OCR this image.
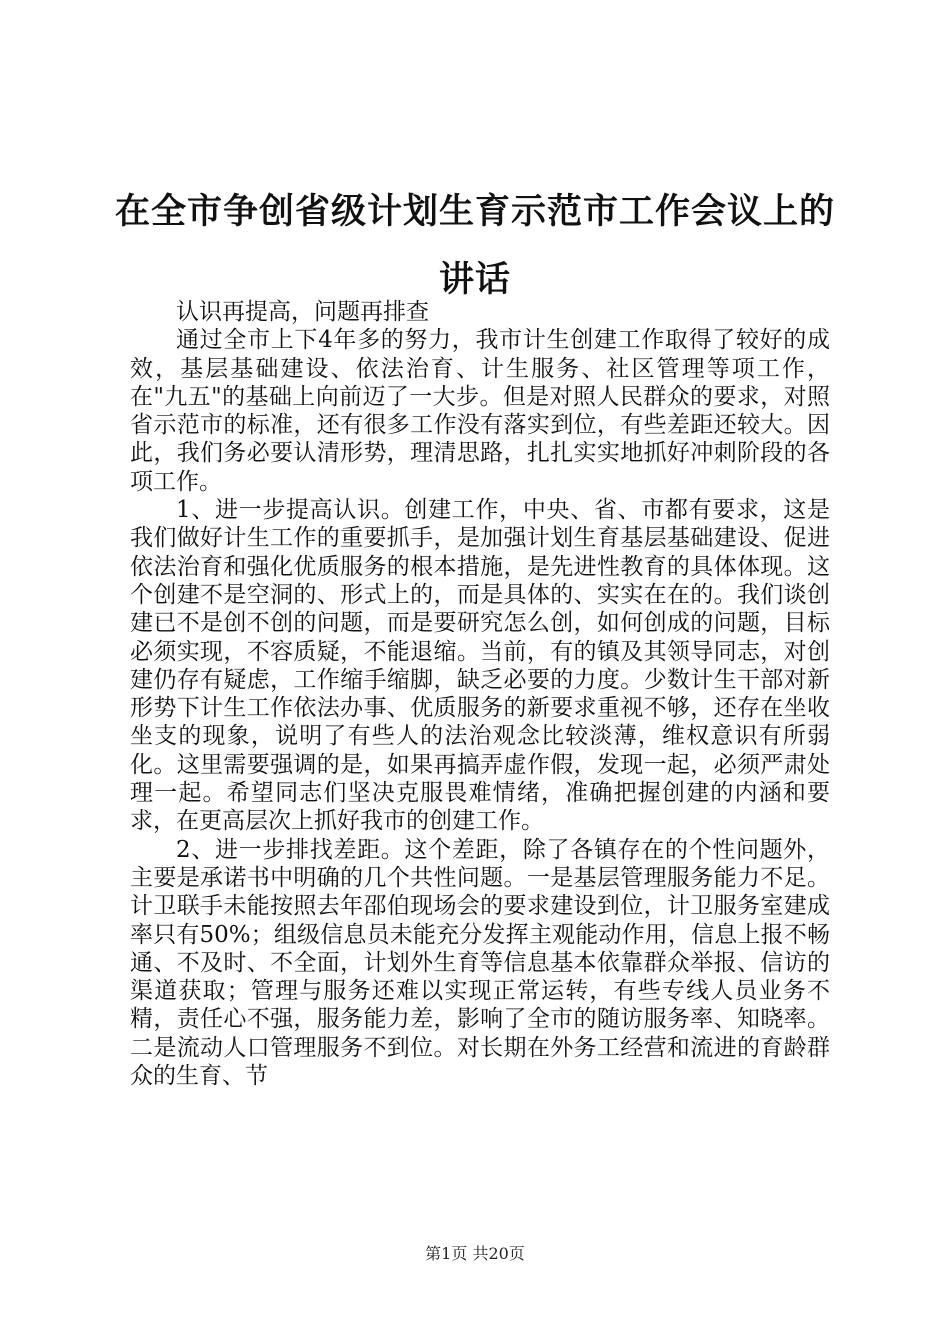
在全市争创省级计划生育示范市工作会议上的讲话

认识再提高，问题再排查

通过全市上下4年多的努力，我市计生创建工作取得了较好的成效，基层基础建设、依法治育、计生服务、社区管理等项工作，在"九五"的基础上向前迈了一大步。但是对照人民群众的要求，对照省示范市的标准，还有很多工作没有落实到位，有些差距还较大。因此，我们务必要认清形势，理清思路，扎扎实实地抓好冲刺阶段的各项工作。

1、进一步提高认识。创建工作，中央、省、市都有要求，这是我们做好计生工作的重要抓手，是加强计划生育基层基础建设、促进依法治育和强化优质服务的根本措施，是先进性教育的具体体现。这个创建不是空洞的、形式上的，而是具体的、实实在在的。我们谈创建已不是创不创的问题，而是要研究怎么创，如何创成的问题，目标必须实现，不容质疑，不能退缩。当前，有的镇及其领导同志，对创建仍存有疑虑，工作缩手缩脚，缺乏必要的力度。少数计生干部对新形势下计生工作依法办事、优质服务的新要求重视不够，还存在坐收坐支的现象，说明了有些人的法治观念比较淡薄，维权意识有所弱化。这里需要强调的是，如果再搞弄虚作假，发现一起，必须严肃处理一起。希望同志们坚决克服畏难情绪，准确把握创建的内涵和要求，在更高层次上抓好我市的创建工作。

2、进一步排找差距。这个差距，除了各镇存在的个性问题外，主要是承诺书中明确的几个共性问题。一是基层管理服务能力不足。计卫联手未能按照去年邵伯现场会的要求建设到位，计卫服务室建成率只有50%；组级信息员未能充分发挥主观能动作用，信息上报不畅通、不及时、不全面，计划外生育等信息基本依靠群众举报、信访的渠道获取；管理与服务还难以实现正常运转，有些专线人员业务不精，责任心不强，服务能力差，影响了全市的随访服务率、知晓率。二是流动人口管理服务不到位。对长期在外务工经营和流进的育龄群众的生育、节

第1页 共20页
